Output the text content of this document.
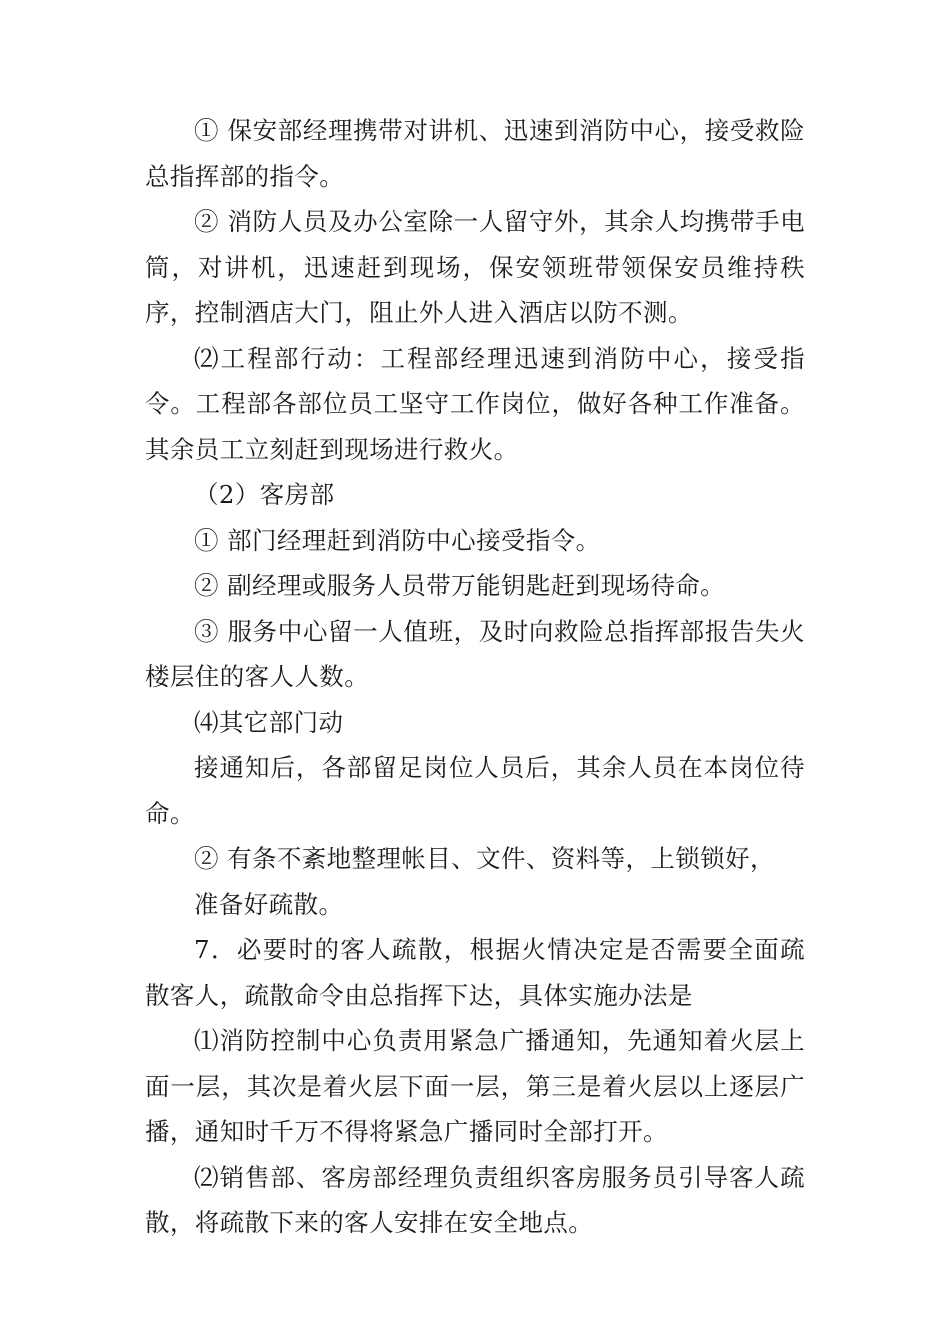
① 保安部经理携带对讲机、迅速到消防中心，接受救险总指挥部的指令。

② 消防人员及办公室除一人留守外，其余人均携带手电筒，对讲机，迅速赶到现场，保安领班带领保安员维持秩序，控制酒店大门，阻止外人进入酒店以防不测。

⑵工程部行动：工程部经理迅速到消防中心，接受指令。工程部各部位员工坚守工作岗位，做好各种工作准备。其余员工立刻赶到现场进行救火。

（2）客房部

① 部门经理赶到消防中心接受指令。

② 副经理或服务人员带万能钥匙赶到现场待命。

③ 服务中心留一人值班，及时向救险总指挥部报告失火楼层住的客人人数。

⑷其它部门动

接通知后，各部留足岗位人员后，其余人员在本岗位待命。

② 有条不紊地整理帐目、文件、资料等，上锁锁好，

准备好疏散。

7．必要时的客人疏散，根据火情决定是否需要全面疏散客人，疏散命令由总指挥下达，具体实施办法是

⑴消防控制中心负责用紧急广播通知，先通知着火层上面一层，其次是着火层下面一层，第三是着火层以上逐层广播，通知时千万不得将紧急广播同时全部打开。

⑵销售部、客房部经理负责组织客房服务员引导客人疏散，将疏散下来的客人安排在安全地点。
